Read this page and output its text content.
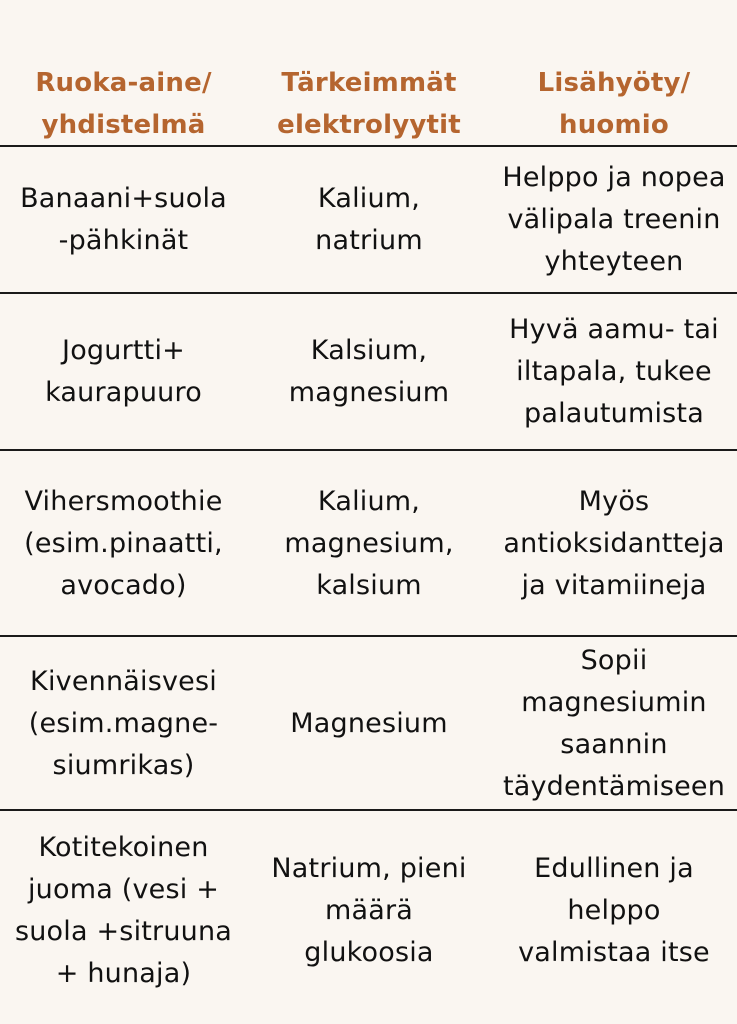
Ruoka-aine/
yhdistelmä
Tärkeimmät
elektrolyytit
Lisähyöty/
huomio
Banaani+suola
-pähkinät
Kalium,
natrium
Helppo ja nopea
välipala treenin
yhteyteen
Jogurtti+
kaurapuuro
Kalsium,
magnesium
Hyvä aamu- tai
iltapala, tukee
palautumista
Vihersmoothie
(esim.pinaatti,
avocado)
Kalium,
magnesium,
kalsium
Myös
antioksidantteja
ja vitamiineja
Kivennäisvesi
(esim.magne-
siumrikas)
Magnesium
Sopii
magnesiumin
saannin
täydentämiseen
Kotitekoinen
juoma (vesi +
suola +sitruuna
+ hunaja)
Natrium, pieni
määrä
glukoosia
Edullinen ja
helppo
valmistaa itse
